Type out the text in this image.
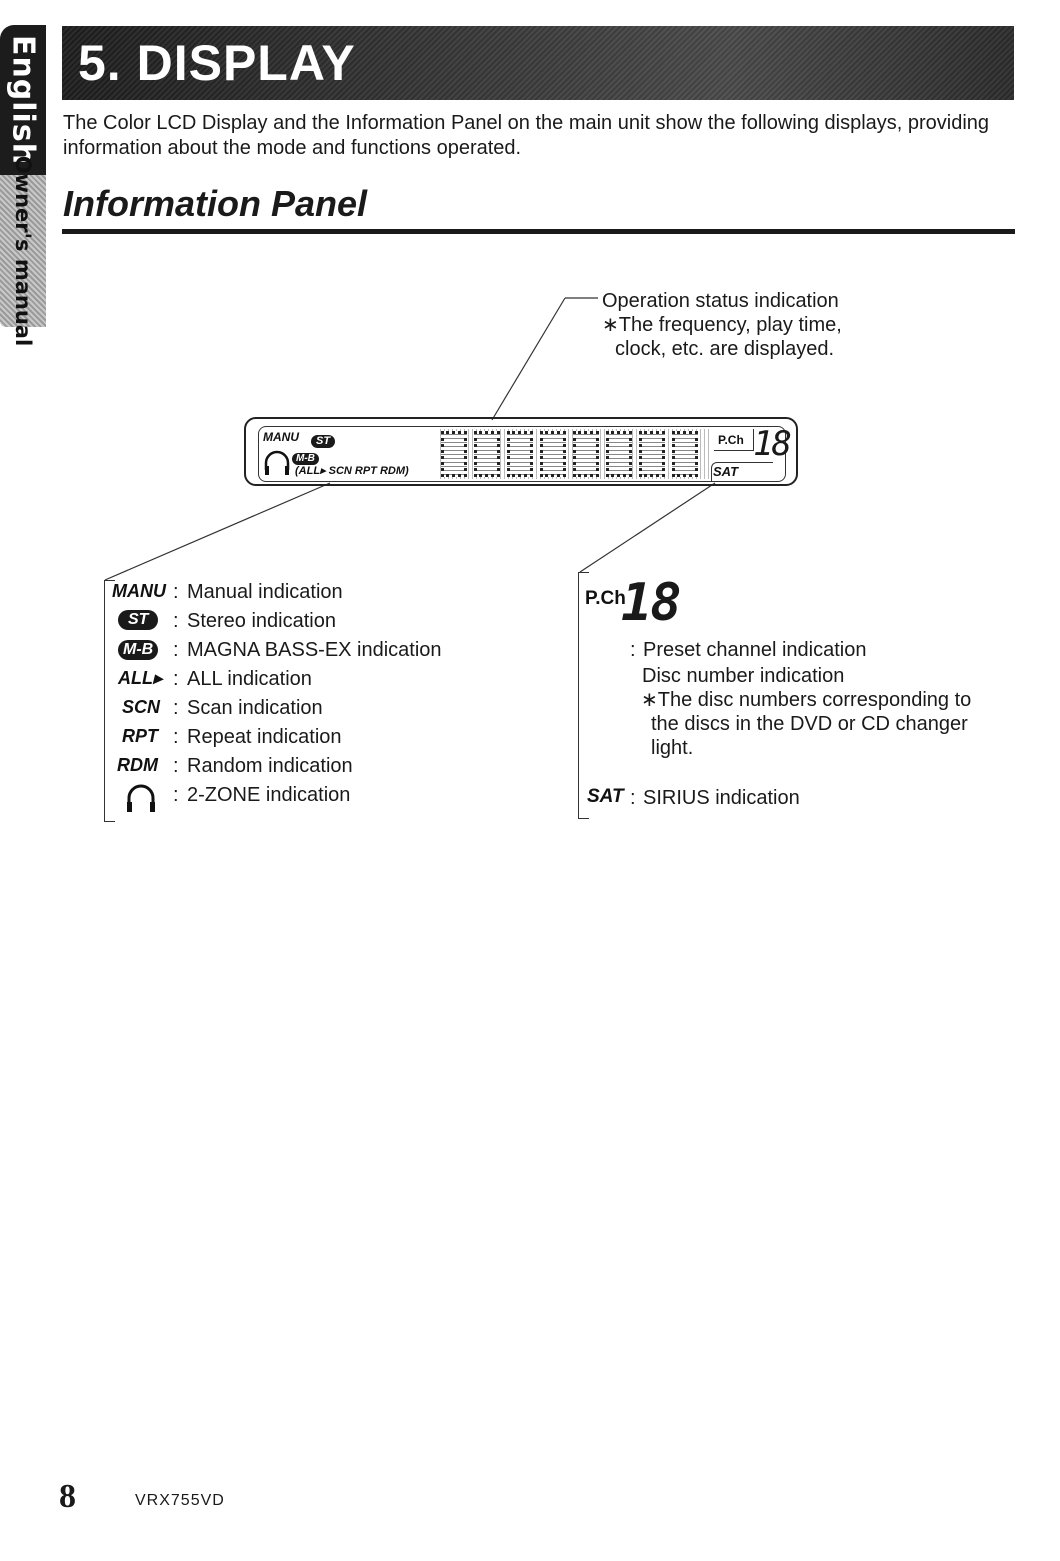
English
Owner's manual
5. DISPLAY
The Color LCD Display and the Information Panel on the main unit show the following displays, providing information about the mode and functions operated.
Information Panel
Operation status indication
∗The frequency, play time,
clock, etc. are displayed.
MANU	ST
M-B
(ALL▸ SCN RPT RDM)
P.Ch 18
SAT
MANU : Manual indication
ST	: Stereo indication
M-B : MAGNA BASS-EX indication
ALL▸ : ALL indication
SCN : Scan indication
RPT : Repeat indication
RDM : Random indication
: 2-ZONE indication
P.Ch
18
: Preset channel indication
Disc number indication
∗The disc numbers corresponding to
the discs in the DVD or CD changer
light.
SAT : SIRIUS indication
8	VRX755VD
